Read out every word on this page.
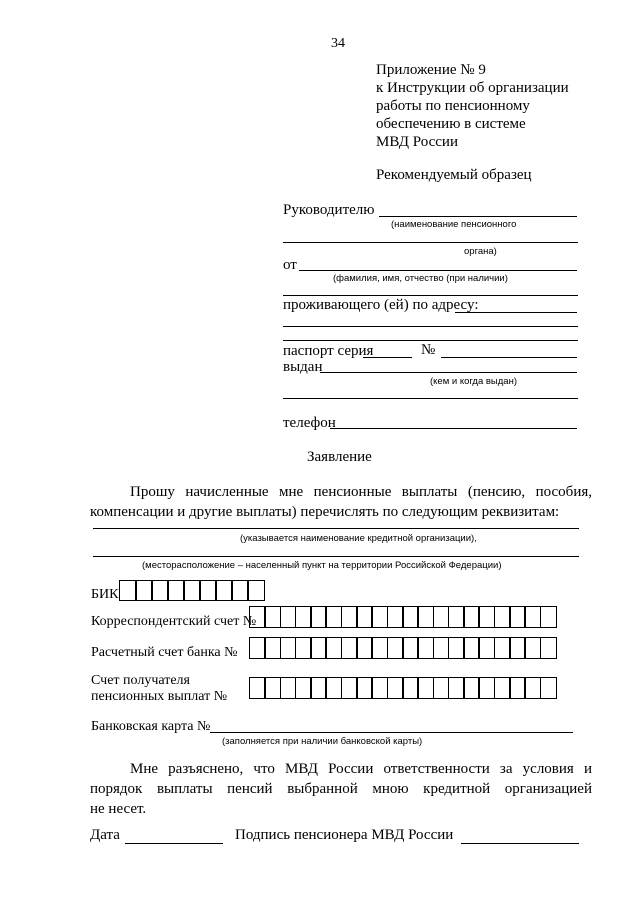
34
Приложение № 9
к Инструкции об организации
работы по пенсионному
обеспечению в системе
МВД России
Рекомендуемый образец
Руководителю
(наименование пенсионного
органа)
от
(фамилия, имя, отчество (при наличии)
проживающего (ей) по адресу:
паспорт серия	№
выдан
(кем и когда выдан)
телефон
Заявление
Прошу начисленные мне пенсионные выплаты (пенсию, пособия,
компенсации и другие выплаты) перечислять по следующим реквизитам:
(указывается наименование кредитной организации),
(месторасположение – населенный пункт на территории Российской Федерации)
БИК
Корреспондентский счет №
Расчетный счет банка №
Счет получателя
пенсионных выплат №
Банковская карта №
(заполняется при наличии банковской карты)
Мне разъяснено, что МВД России ответственности за условия и
порядок выплаты пенсий выбранной мною кредитной организацией
не несет.
Дата	Подпись пенсионера МВД России
